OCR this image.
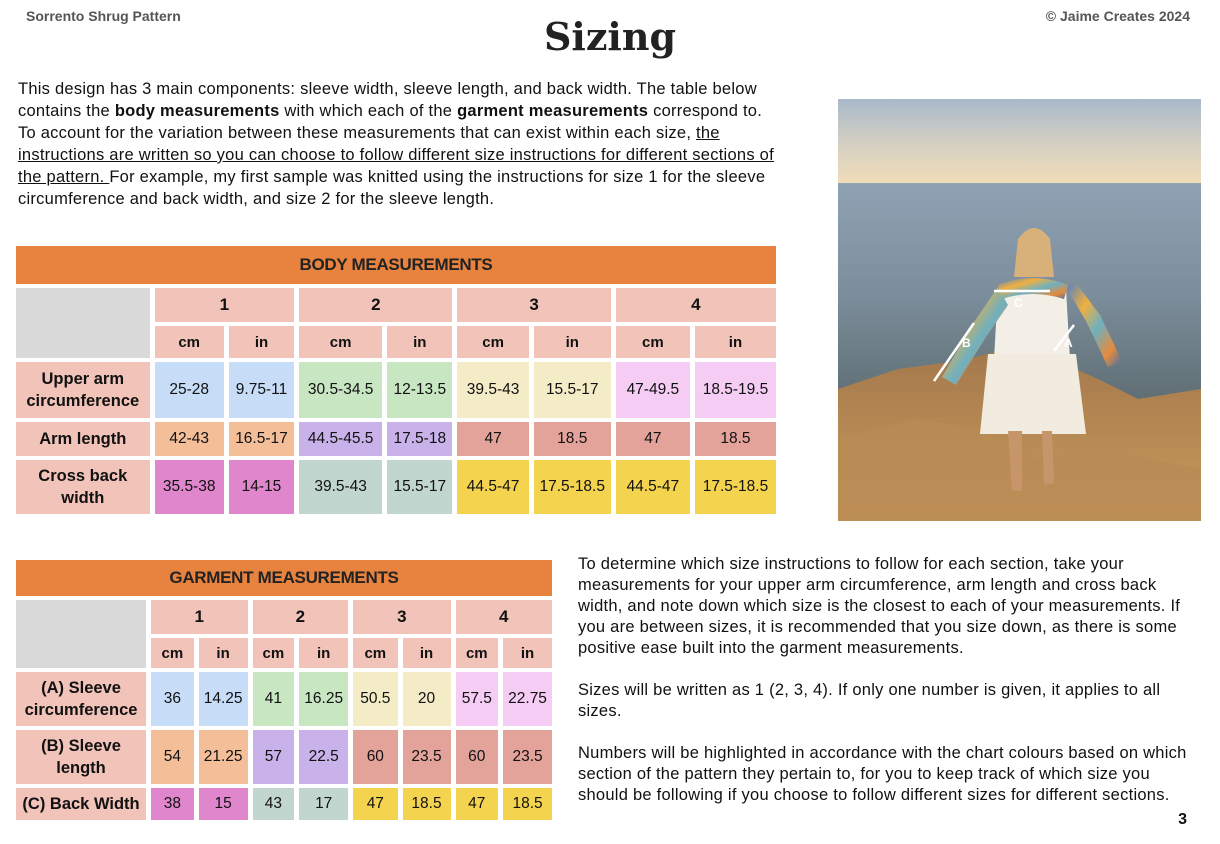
Sorrento Shrug Pattern	© Jaime Creates 2024
Sizing
This design has 3 main components: sleeve width, sleeve length, and back width. The table below contains the body measurements with which each of the garment measurements correspond to. To account for the variation between these measurements that can exist within each size, the instructions are written so you can choose to follow different size instructions for different sections of the pattern. For example, my first sample was knitted using the instructions for size 1 for the sleeve circumference and back width, and size 2 for the sleeve length.
BODY MEASUREMENTS								
	1		2		3		4	
	cm	in	cm	in	cm	in	cm	in
Upper arm
circumference	25-28	9.75-11	30.5-34.5	12-13.5	39.5-43	15.5-17	47-49.5	18.5-19.5
Arm length	42-43	16.5-17	44.5-45.5	17.5-18	47	18.5	47	18.5
Cross back
width	35.5-38	14-15	39.5-43	15.5-17	44.5-47	17.5-18.5	44.5-47	17.5-18.5
C
B	A
GARMENT MEASUREMENTS								
	1		2		3		4	
	cm	in	cm	in	cm	in	cm	in
(A) Sleeve
circumference	36	14.25	41	16.25	50.5	20	57.5	22.75
(B) Sleeve
length	54	21.25	57	22.5	60	23.5	60	23.5
(C) Back Width	38	15	43	17	47	18.5	47	18.5

To determine which size instructions to follow for each section, take your measurements for your upper arm circumference, arm length and cross back width, and note down which size is the closest to each of your measurements. If you are between sizes, it is recommended that you size down, as there is some positive ease built into the garment measurements.

Sizes will be written as 1 (2, 3, 4). If only one number is given, it applies to all sizes.

Numbers will be highlighted in accordance with the chart colours based on which section of the pattern they pertain to, for you to keep track of which size you should be following if you choose to follow different sizes for different sections.

3
